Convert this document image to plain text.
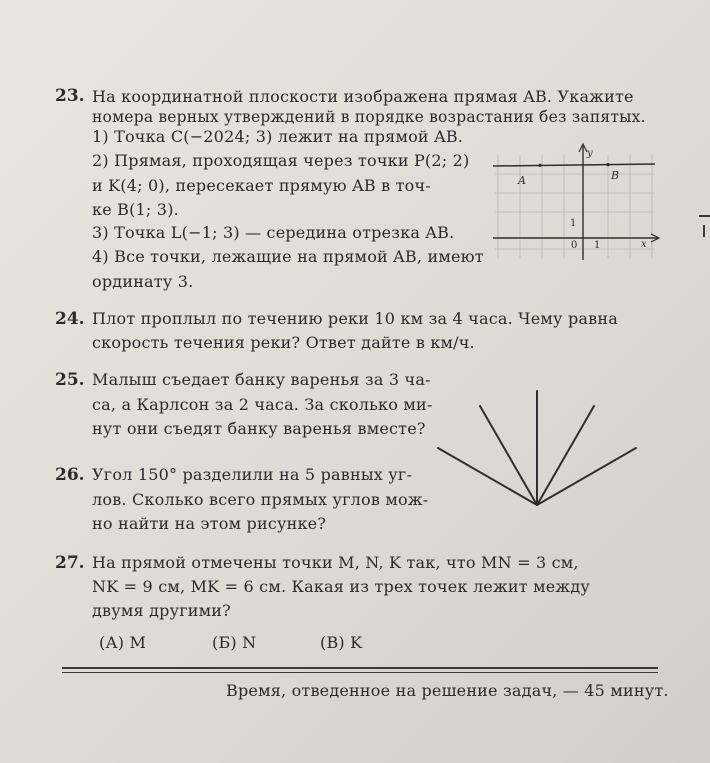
23. На координатной плоскости изображена прямая AB. Укажите
номера верных утверждений в порядке возрастания без запятых.
1) Точка C(−2024; 3) лежит на прямой AB.
2) Прямая, проходящая через точки P(2; 2)
и K(4; 0), пересекает прямую AB в точ-
ке B(1; 3).
3) Точка L(−1; 3) — середина отрезка AB.
4) Все точки, лежащие на прямой AB, имеют
ординату 3.
A	B
y
x
1
0 1
24. Плот проплыл по течению реки 10 км за 4 часа. Чему равна
скорость течения реки? Ответ дайте в км/ч.
25. Малыш съедает банку варенья за 3 ча-
са, а Карлсон за 2 часа. За сколько ми-
нут они съедят банку варенья вместе?
26. Угол 150° разделили на 5 равных уг-
лов. Сколько всего прямых углов мож-
но найти на этом рисунке?
27. На прямой отмечены точки M, N, K так, что MN = 3 см,
NK = 9 см, MK = 6 см. Какая из трех точек лежит между
двумя другими?
(А) M	(Б) N	(В) K
Время, отведенное на решение задач, — 45 минут.
